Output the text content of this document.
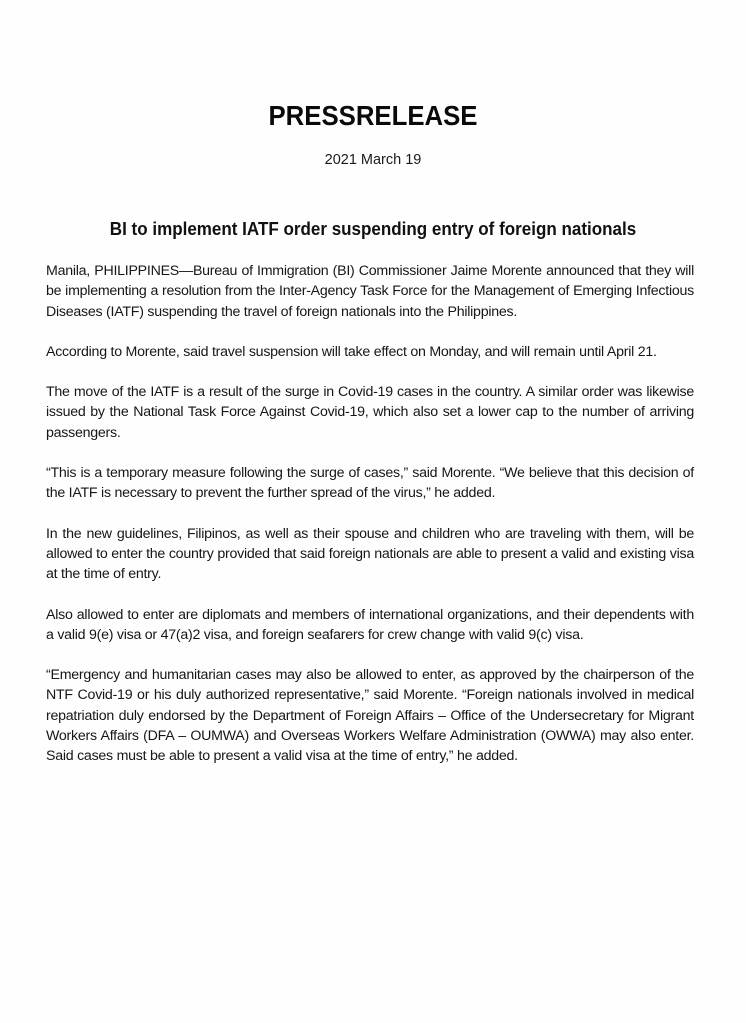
PRESSRELEASE
2021 March 19
BI to implement IATF order suspending entry of foreign nationals

Manila, PHILIPPINES—Bureau of Immigration (BI) Commissioner Jaime Morente announced that they will be implementing a resolution from the Inter-Agency Task Force for the Management of Emerging Infectious Diseases (IATF) suspending the travel of foreign nationals into the Philippines.

According to Morente, said travel suspension will take effect on Monday, and will remain until April 21.

The move of the IATF is a result of the surge in Covid-19 cases in the country. A similar order was likewise issued by the National Task Force Against Covid-19, which also set a lower cap to the number of arriving passengers.

“This is a temporary measure following the surge of cases,” said Morente. “We believe that this decision of the IATF is necessary to prevent the further spread of the virus,” he added.

In the new guidelines, Filipinos, as well as their spouse and children who are traveling with them, will be allowed to enter the country provided that said foreign nationals are able to present a valid and existing visa at the time of entry.

Also allowed to enter are diplomats and members of international organizations, and their dependents with a valid 9(e) visa or 47(a)2 visa, and foreign seafarers for crew change with valid 9(c) visa.

“Emergency and humanitarian cases may also be allowed to enter, as approved by the chairperson of the NTF Covid-19 or his duly authorized representative,” said Morente. “Foreign nationals involved in medical repatriation duly endorsed by the Department of Foreign Affairs – Office of the Undersecretary for Migrant Workers Affairs (DFA – OUMWA) and Overseas Workers Welfare Administration (OWWA) may also enter. Said cases must be able to present a valid visa at the time of entry,” he added.
